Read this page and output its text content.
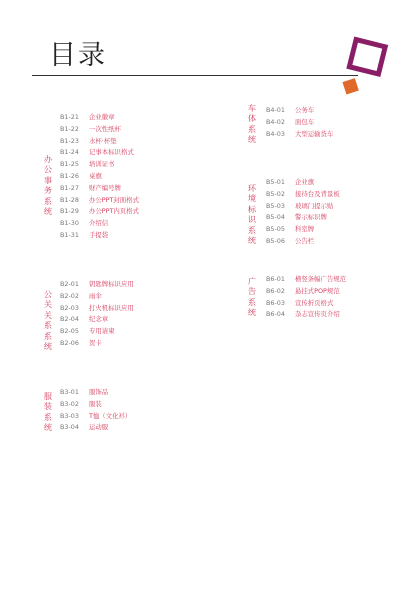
目录
办公事务系统
B1-21 企业徽章
B1-22 一次性纸杯
B1-23 水杯·杯垫
B1-24 记事本标识格式
B1-25 培训证书
B1-26 桌旗
B1-27 财产编号牌
B1-28 办公PPT封面格式
B1-29 办公PPT内页格式
B1-30 介绍信
B1-31 手提袋
公关关系系统
B2-01 钥匙牌标识应用
B2-02 雨伞
B2-03 打火机标识应用
B2-04 纪念章
B2-05 专用请柬
B2-06 贺卡
服装系统
B3-01 服饰品
B3-02 服装
B3-03 T恤（文化衫）
B3-04 运动服
车体系统
B4-01 公务车
B4-02 面包车
B4-03 大型运输货车
环境标识系统
B5-01 企业旗
B5-02 接待台及背景板
B5-03 玻璃门提示贴
B5-04 警示标识牌
B5-05 科室牌
B5-06 公告栏
广告系统
B6-01 横竖条幅广告规范
B6-02 悬挂式POP规范
B6-03 宣传折页格式
B6-04 杂志宣传页介绍
